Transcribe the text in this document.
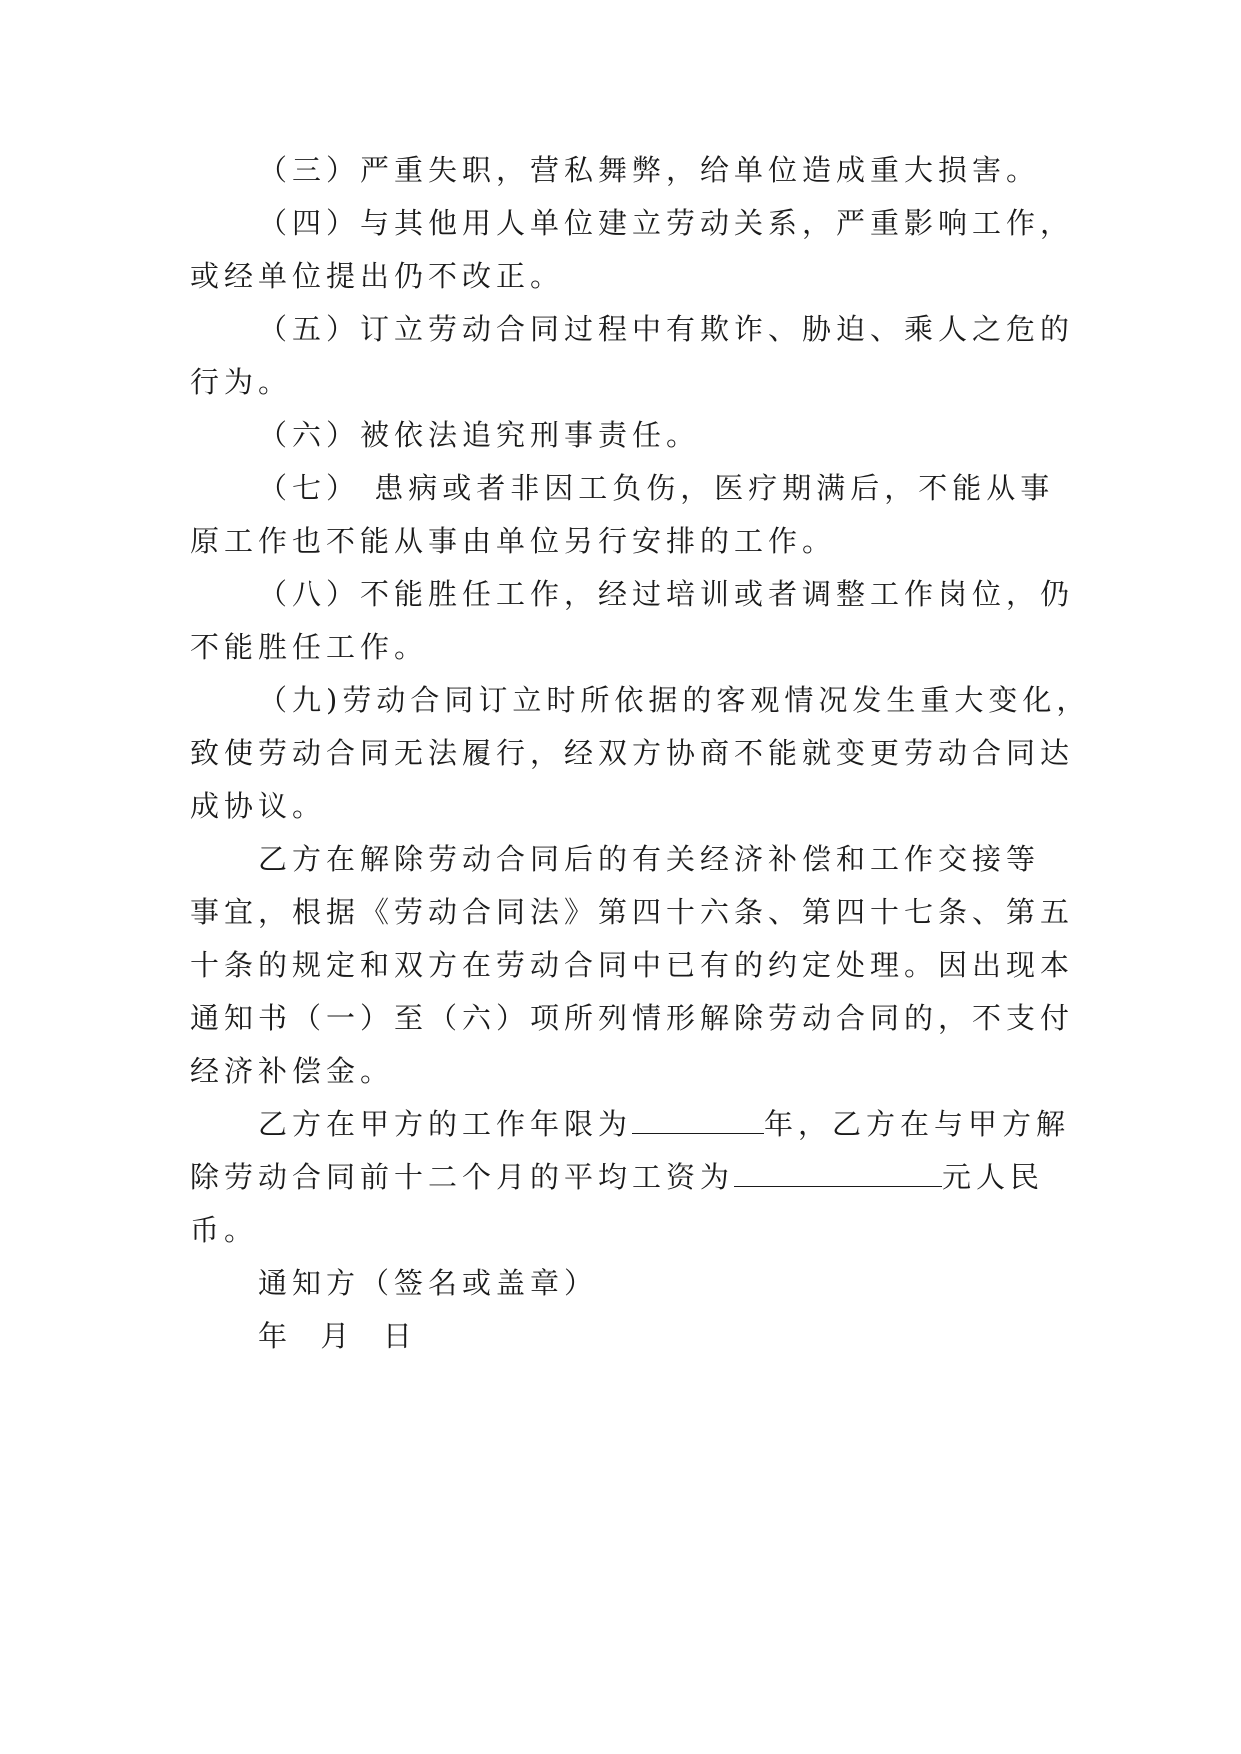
（三）严重失职，营私舞弊，给单位造成重大损害。
（四）与其他用人单位建立劳动关系，严重影响工作，
或经单位提出仍不改正。
（五）订立劳动合同过程中有欺诈、胁迫、乘人之危的
行为。
（六）被依法追究刑事责任。
（七） 患病或者非因工负伤，医疗期满后，不能从事
原工作也不能从事由单位另行安排的工作。
（八）不能胜任工作，经过培训或者调整工作岗位，仍
不能胜任工作。
（九)劳动合同订立时所依据的客观情况发生重大变化，
致使劳动合同无法履行，经双方协商不能就变更劳动合同达
成协议。
乙方在解除劳动合同后的有关经济补偿和工作交接等
事宜，根据《劳动合同法》第四十六条、第四十七条、第五
十条的规定和双方在劳动合同中已有的约定处理。因出现本
通知书（一）至（六）项所列情形解除劳动合同的，不支付
经济补偿金。
乙方在甲方的工作年限为	年，乙方在与甲方解
除劳动合同前十二个月的平均工资为	元人民
币。
通知方（签名或盖章）
年  月  日
